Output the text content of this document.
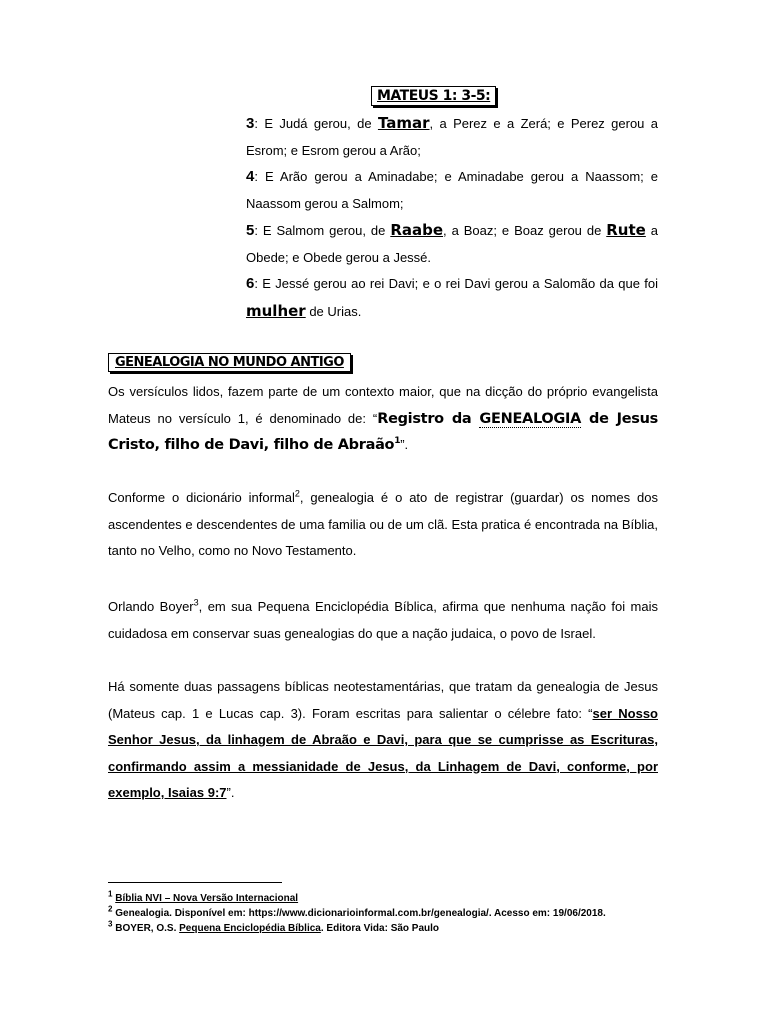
MATEUS 1: 3-5:

3: E Judá gerou, de Tamar, a Perez e a Zerá; e Perez gerou a Esrom; e Esrom gerou a Arão;

4: E Arão gerou a Aminadabe; e Aminadabe gerou a Naassom; e Naassom gerou a Salmom;

5: E Salmom gerou, de Raabe, a Boaz; e Boaz gerou de Rute a Obede; e Obede gerou a Jessé.

6: E Jessé gerou ao rei Davi; e o rei Davi gerou a Salomão da que foi mulher de Urias.

GENEALOGIA NO MUNDO ANTIGO

Os versículos lidos, fazem parte de um contexto maior, que na dicção do próprio evangelista Mateus no versículo 1, é denominado de: “Registro da GENEALOGIA de Jesus Cristo, filho de Davi, filho de Abraão$^1$”.

Conforme o dicionário informal$^2$, genealogia é o ato de registrar (guardar) os nomes dos ascendentes e descendentes de uma familia ou de um clã. Esta pratica é encontrada na Bíblia, tanto no Velho, como no Novo Testamento.

Orlando Boyer$^3$, em sua Pequena Enciclopédia Bíblica, afirma que nenhuma nação foi mais cuidadosa em conservar suas genealogias do que a nação judaica, o povo de Israel.

Há somente duas passagens bíblicas neotestamentárias, que tratam da genealogia de Jesus (Mateus cap. 1 e Lucas cap. 3). Foram escritas para salientar o célebre fato: “ser Nosso Senhor Jesus, da linhagem de Abraão e Davi, para que se cumprisse as Escrituras, confirmando assim a messianidade de Jesus, da Linhagem de Davi, conforme, por exemplo, Isaias 9:7”.

$^1$ Bíblia NVI – Nova Versão Internacional

$^2$ Genealogia. Disponível em: https://www.dicionarioinformal.com.br/genealogia/. Acesso em: 19/06/2018.

$^3$ BOYER, O.S. Pequena Enciclopédia Bíblica. Editora Vida: São Paulo
